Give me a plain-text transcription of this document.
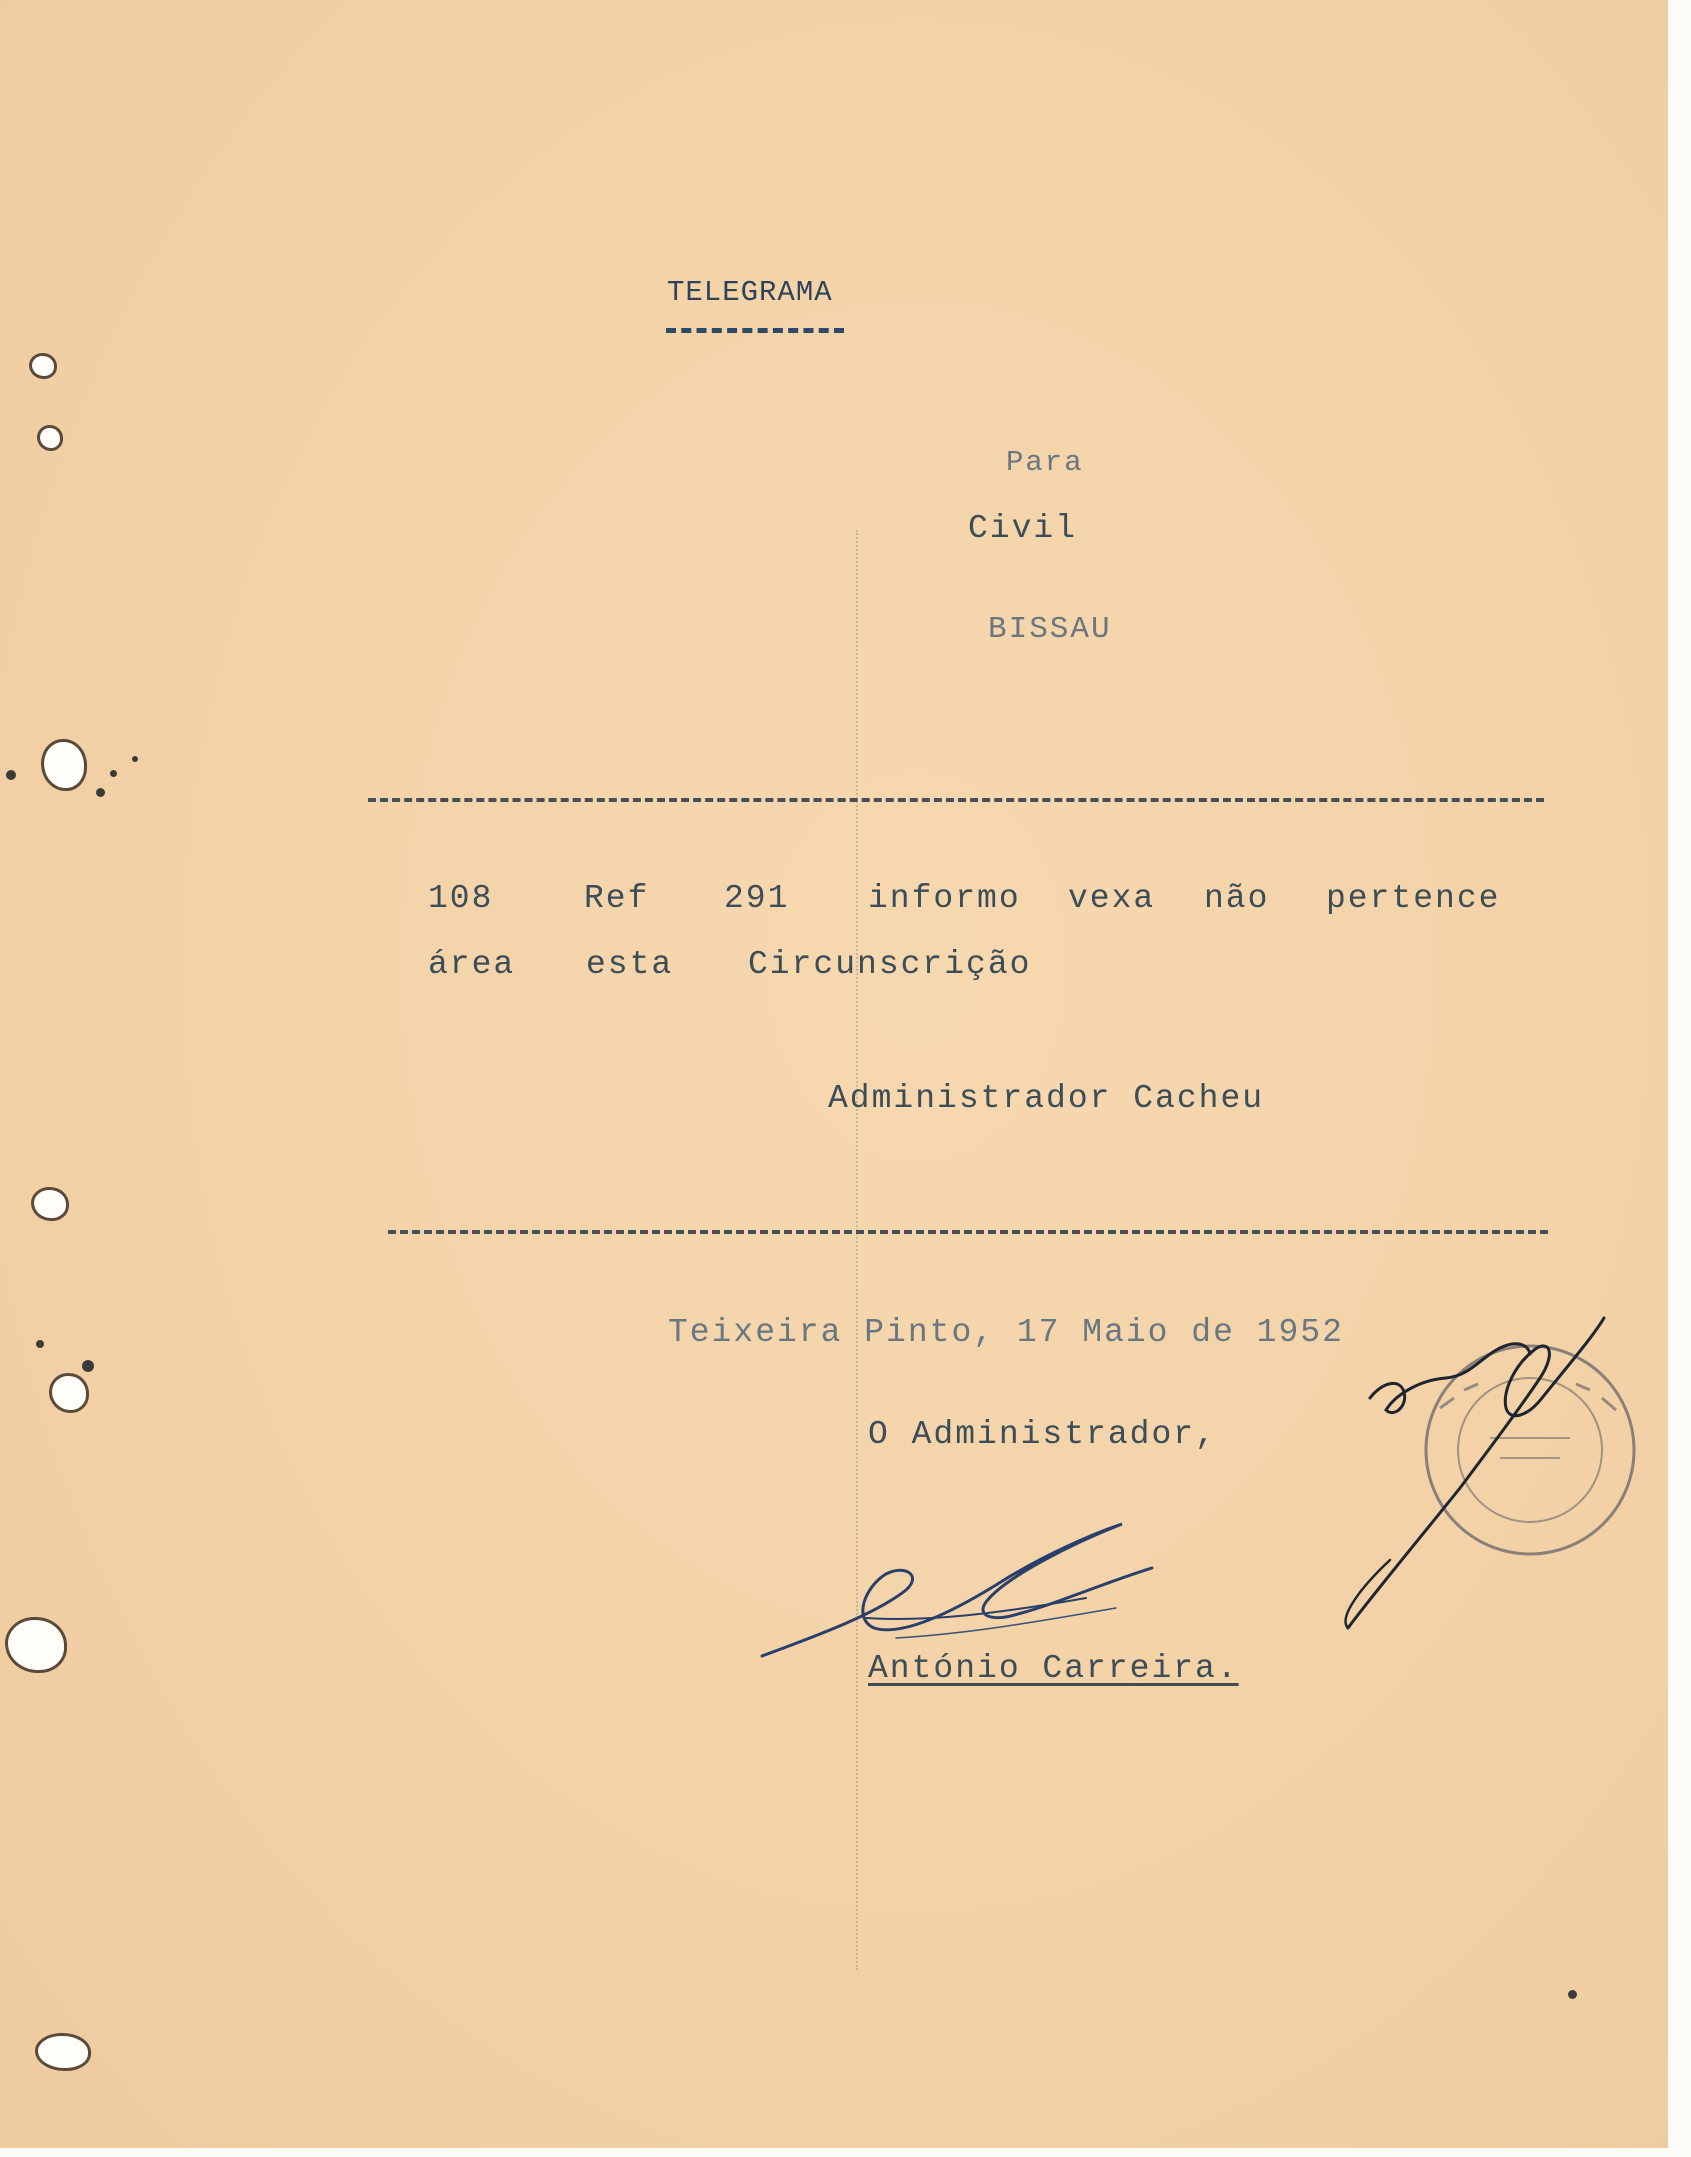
TELEGRAMA
Para
Civil
BISSAU
108	Ref 291 informo vexa não pertence
área esta Circunscrição
Administrador Cacheu
Teixeira Pinto, 17 Maio de 1952
O Administrador,
António Carreira.
